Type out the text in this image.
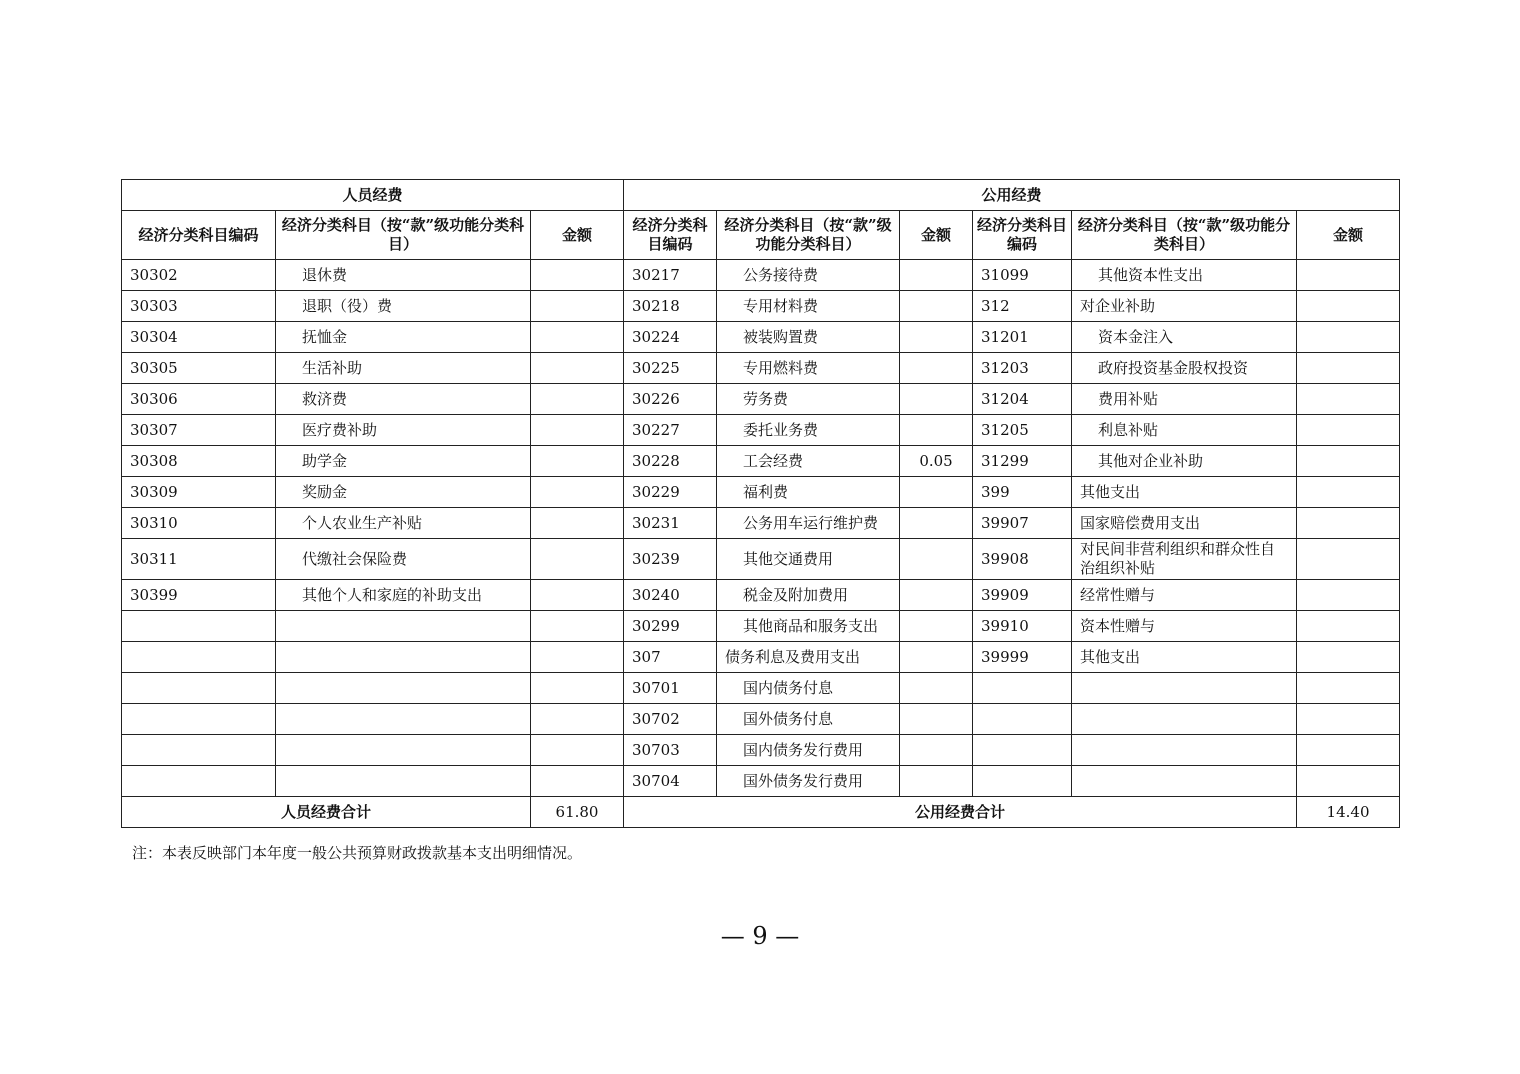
人员经费			公用经费					
经济分类科目编码	经济分类科目（按“款”级功能分类科目）	金额	经济分类科目编码	经济分类科目（按“款”级功能分类科目）	金额	经济分类科目编码	经济分类科目（按“款”级功能分类科目）	金额
30302	退休费		30217	公务接待费		31099	其他资本性支出	
30303	退职（役）费		30218	专用材料费		312	对企业补助	
30304	抚恤金		30224	被装购置费		31201	资本金注入	
30305	生活补助		30225	专用燃料费		31203	政府投资基金股权投资	
30306	救济费		30226	劳务费		31204	费用补贴	
30307	医疗费补助		30227	委托业务费		31205	利息补贴	
30308	助学金		30228	工会经费	0.05	31299	其他对企业补助	
30309	奖励金		30229	福利费		399	其他支出	
30310	个人农业生产补贴		30231	公务用车运行维护费		39907	国家赔偿费用支出	
30311	代缴社会保险费		30239	其他交通费用		39908	对民间非营利组织和群众性自治组织补贴	
30399	其他个人和家庭的补助支出		30240	税金及附加费用		39909	经常性赠与	
			30299	其他商品和服务支出		39910	资本性赠与	
			307	债务利息及费用支出		39999	其他支出	
			30701	国内债务付息				
			30702	国外债务付息				
			30703	国内债务发行费用				
			30704	国外债务发行费用				
人员经费合计		61.80	公用经费合计					14.40

注：本表反映部门本年度一般公共预算财政拨款基本支出明细情况。

— 9 —
